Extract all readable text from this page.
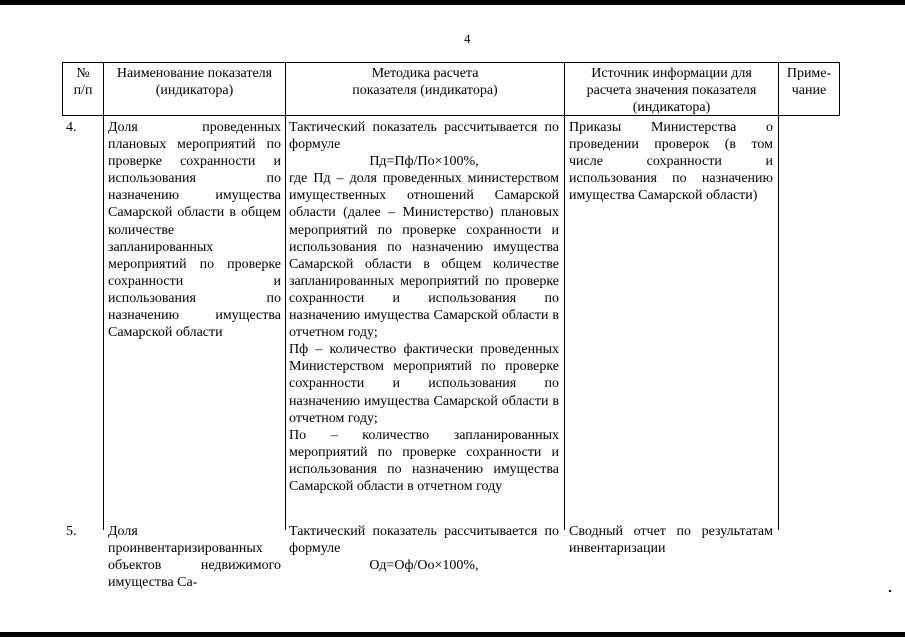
4
№
п/п
Наименование показателя
(индикатора)
Методика расчета
показателя (индикатора)
Источник информации для
расчета значения показателя
(индикатора)
Приме-
чание
4.	Доля проведенных плановых мероприятий по проверке сохранности и использования по назначению имущества Самарской области в общем количестве запланированных мероприятий по проверке сохранности и использования по назначению имущества Самарской области
Тактический показатель рассчитывается по формуле
Пд=Пф/По×100%,
где Пд – доля проведенных министерством имущественных отношений Самарской области (далее – Министерство) плановых мероприятий по проверке сохранности и использования по назначению имущества Самарской области в общем количестве запланированных мероприятий по проверке сохранности и использования по назначению имущества Самарской области в отчетном году;
Пф – количество фактически проведенных Министерством мероприятий по проверке сохранности и использования по назначению имущества Самарской области в отчетном году;
По – количество запланированных мероприятий по проверке сохранности и использования по назначению имущества Самарской области в отчетном году
Приказы Министерства о проведении проверок (в том числе сохранности и использования по назначению имущества Самарской области)
5.	Доля проинвентаризированных объектов недвижимого имущества Са-
Тактический показатель рассчитывается по формуле
Од=Оф/Оо×100%,
Сводный отчет по результатам инвентаризации
